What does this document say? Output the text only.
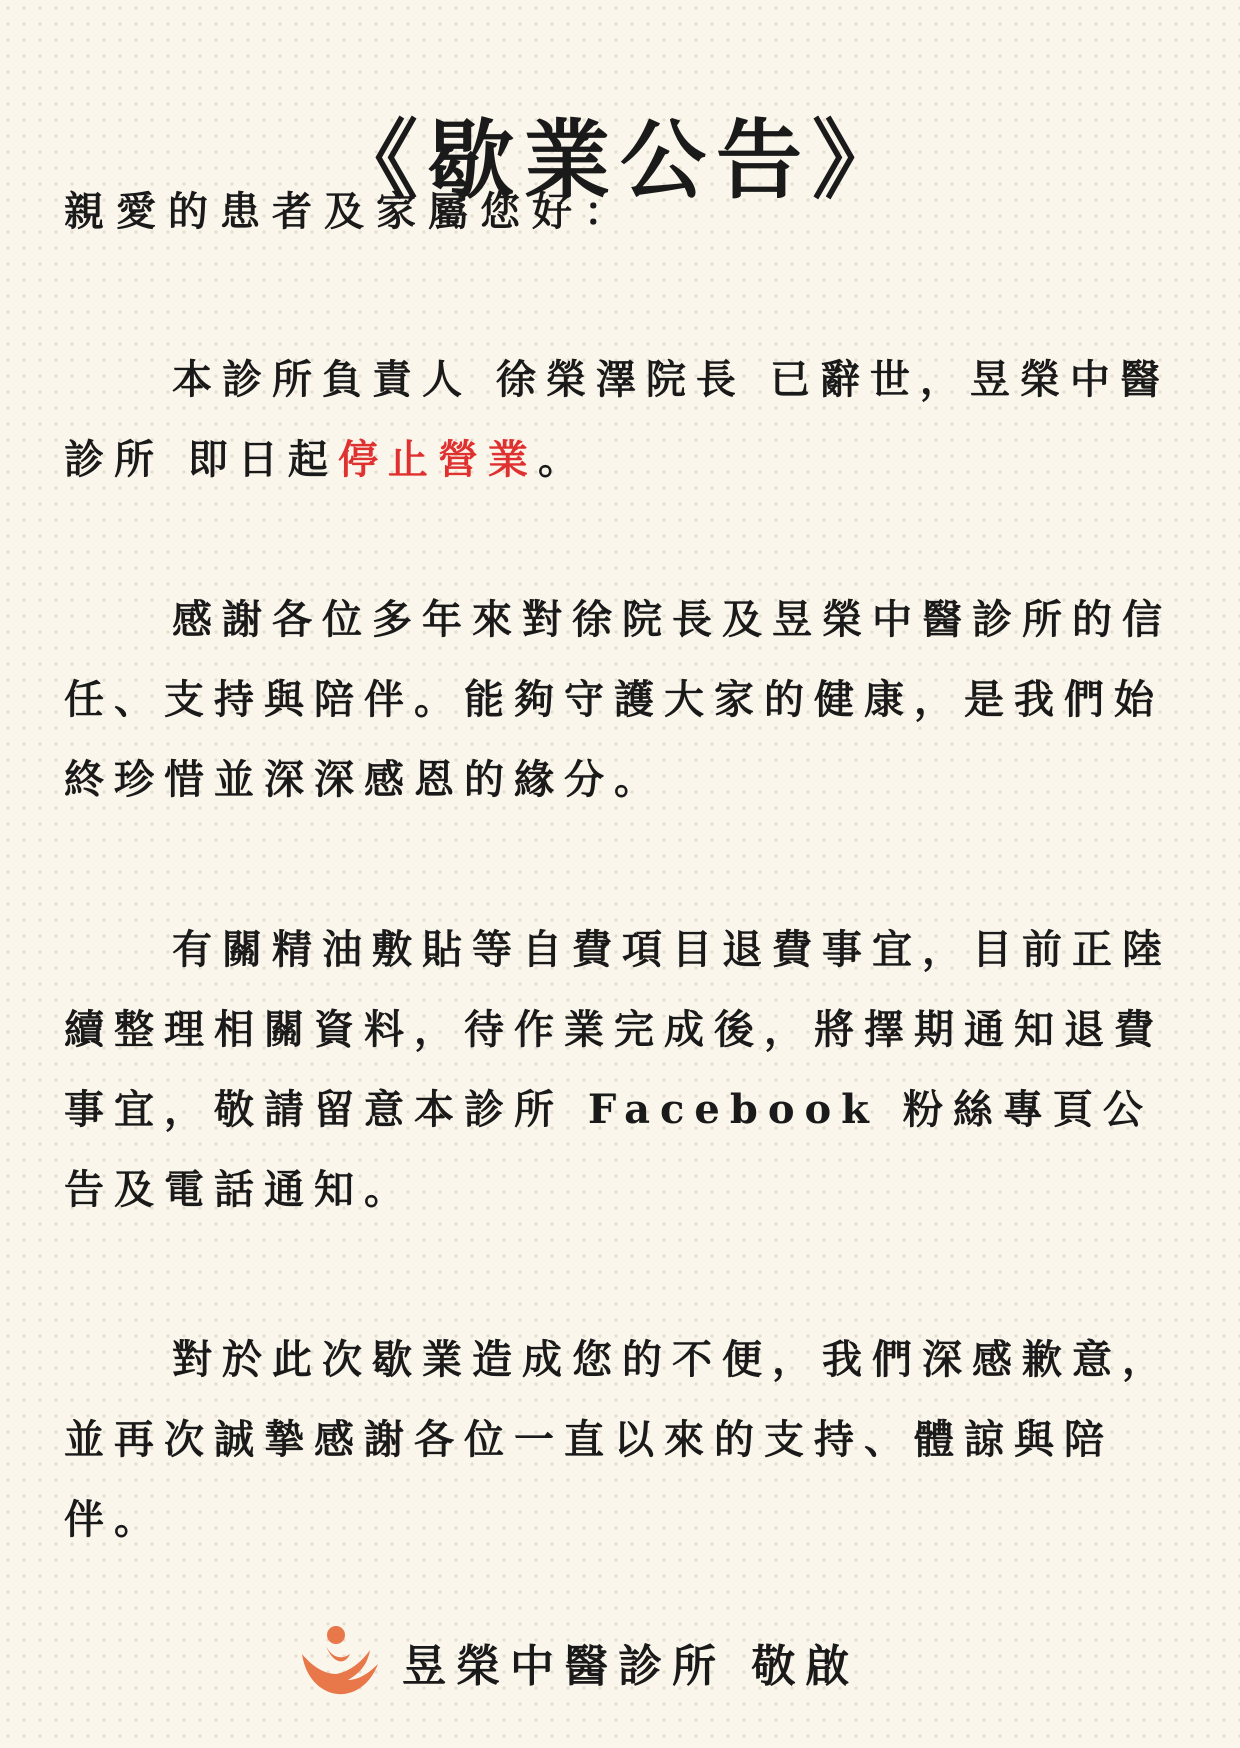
《歇業公告》
親愛的患者及家屬您好：

本診所負責人 徐榮澤院長 已辭世，昱榮中醫診所 即日起停止營業。

感謝各位多年來對徐院長及昱榮中醫診所的信任、支持與陪伴。能夠守護大家的健康，是我們始終珍惜並深深感恩的緣分。

有關精油敷貼等自費項目退費事宜，目前正陸續整理相關資料，待作業完成後，將擇期通知退費事宜，敬請留意本診所 Facebook 粉絲專頁公告及電話通知。

對於此次歇業造成您的不便，我們深感歉意，並再次誠摯感謝各位一直以來的支持、體諒與陪伴。

昱榮中醫診所 敬啟
